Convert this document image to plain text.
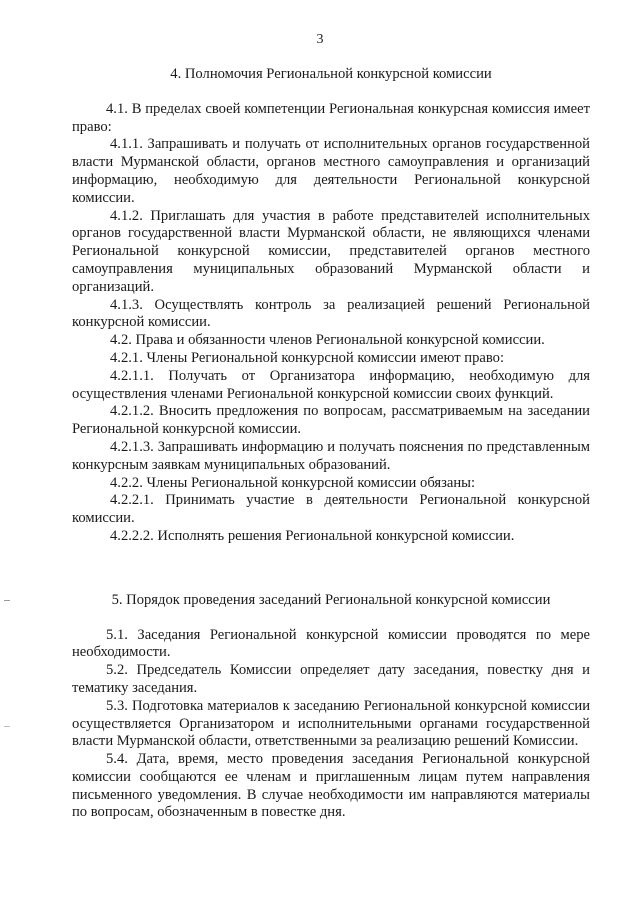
3
4. Полномочия Региональной конкурсной комиссии

4.1. В пределах своей компетенции Региональная конкурсная комиссия имеет право:

4.1.1. Запрашивать и получать от исполнительных органов государственной власти Мурманской области, органов местного самоуправления и организаций информацию, необходимую для деятельности Региональной конкурсной комиссии.

4.1.2. Приглашать для участия в работе представителей исполнительных органов государственной власти Мурманской области, не являющихся членами Региональной конкурсной комиссии, представителей органов местного самоуправления муниципальных образований Мурманской области и организаций.

4.1.3. Осуществлять контроль за реализацией решений Региональной конкурсной комиссии.

4.2. Права и обязанности членов Региональной конкурсной комиссии.

4.2.1. Члены Региональной конкурсной комиссии имеют право:

4.2.1.1. Получать от Организатора информацию, необходимую для осуществления членами Региональной конкурсной комиссии своих функций.

4.2.1.2. Вносить предложения по вопросам, рассматриваемым на заседании Региональной конкурсной комиссии.

4.2.1.3. Запрашивать информацию и получать пояснения по представленным конкурсным заявкам муниципальных образований.

4.2.2. Члены Региональной конкурсной комиссии обязаны:

4.2.2.1. Принимать участие в деятельности Региональной конкурсной комиссии.

4.2.2.2. Исполнять решения Региональной конкурсной комиссии.

5. Порядок проведения заседаний Региональной конкурсной комиссии

5.1. Заседания Региональной конкурсной комиссии проводятся по мере необходимости.

5.2. Председатель Комиссии определяет дату заседания, повестку дня и тематику заседания.

5.3. Подготовка материалов к заседанию Региональной конкурсной комиссии осуществляется Организатором и исполнительными органами государственной власти Мурманской области, ответственными за реализацию решений Комиссии.

5.4. Дата, время, место проведения заседания Региональной конкурсной комиссии сообщаются ее членам и приглашенным лицам путем направления письменного уведомления. В случае необходимости им направляются материалы по вопросам, обозначенным в повестке дня.
